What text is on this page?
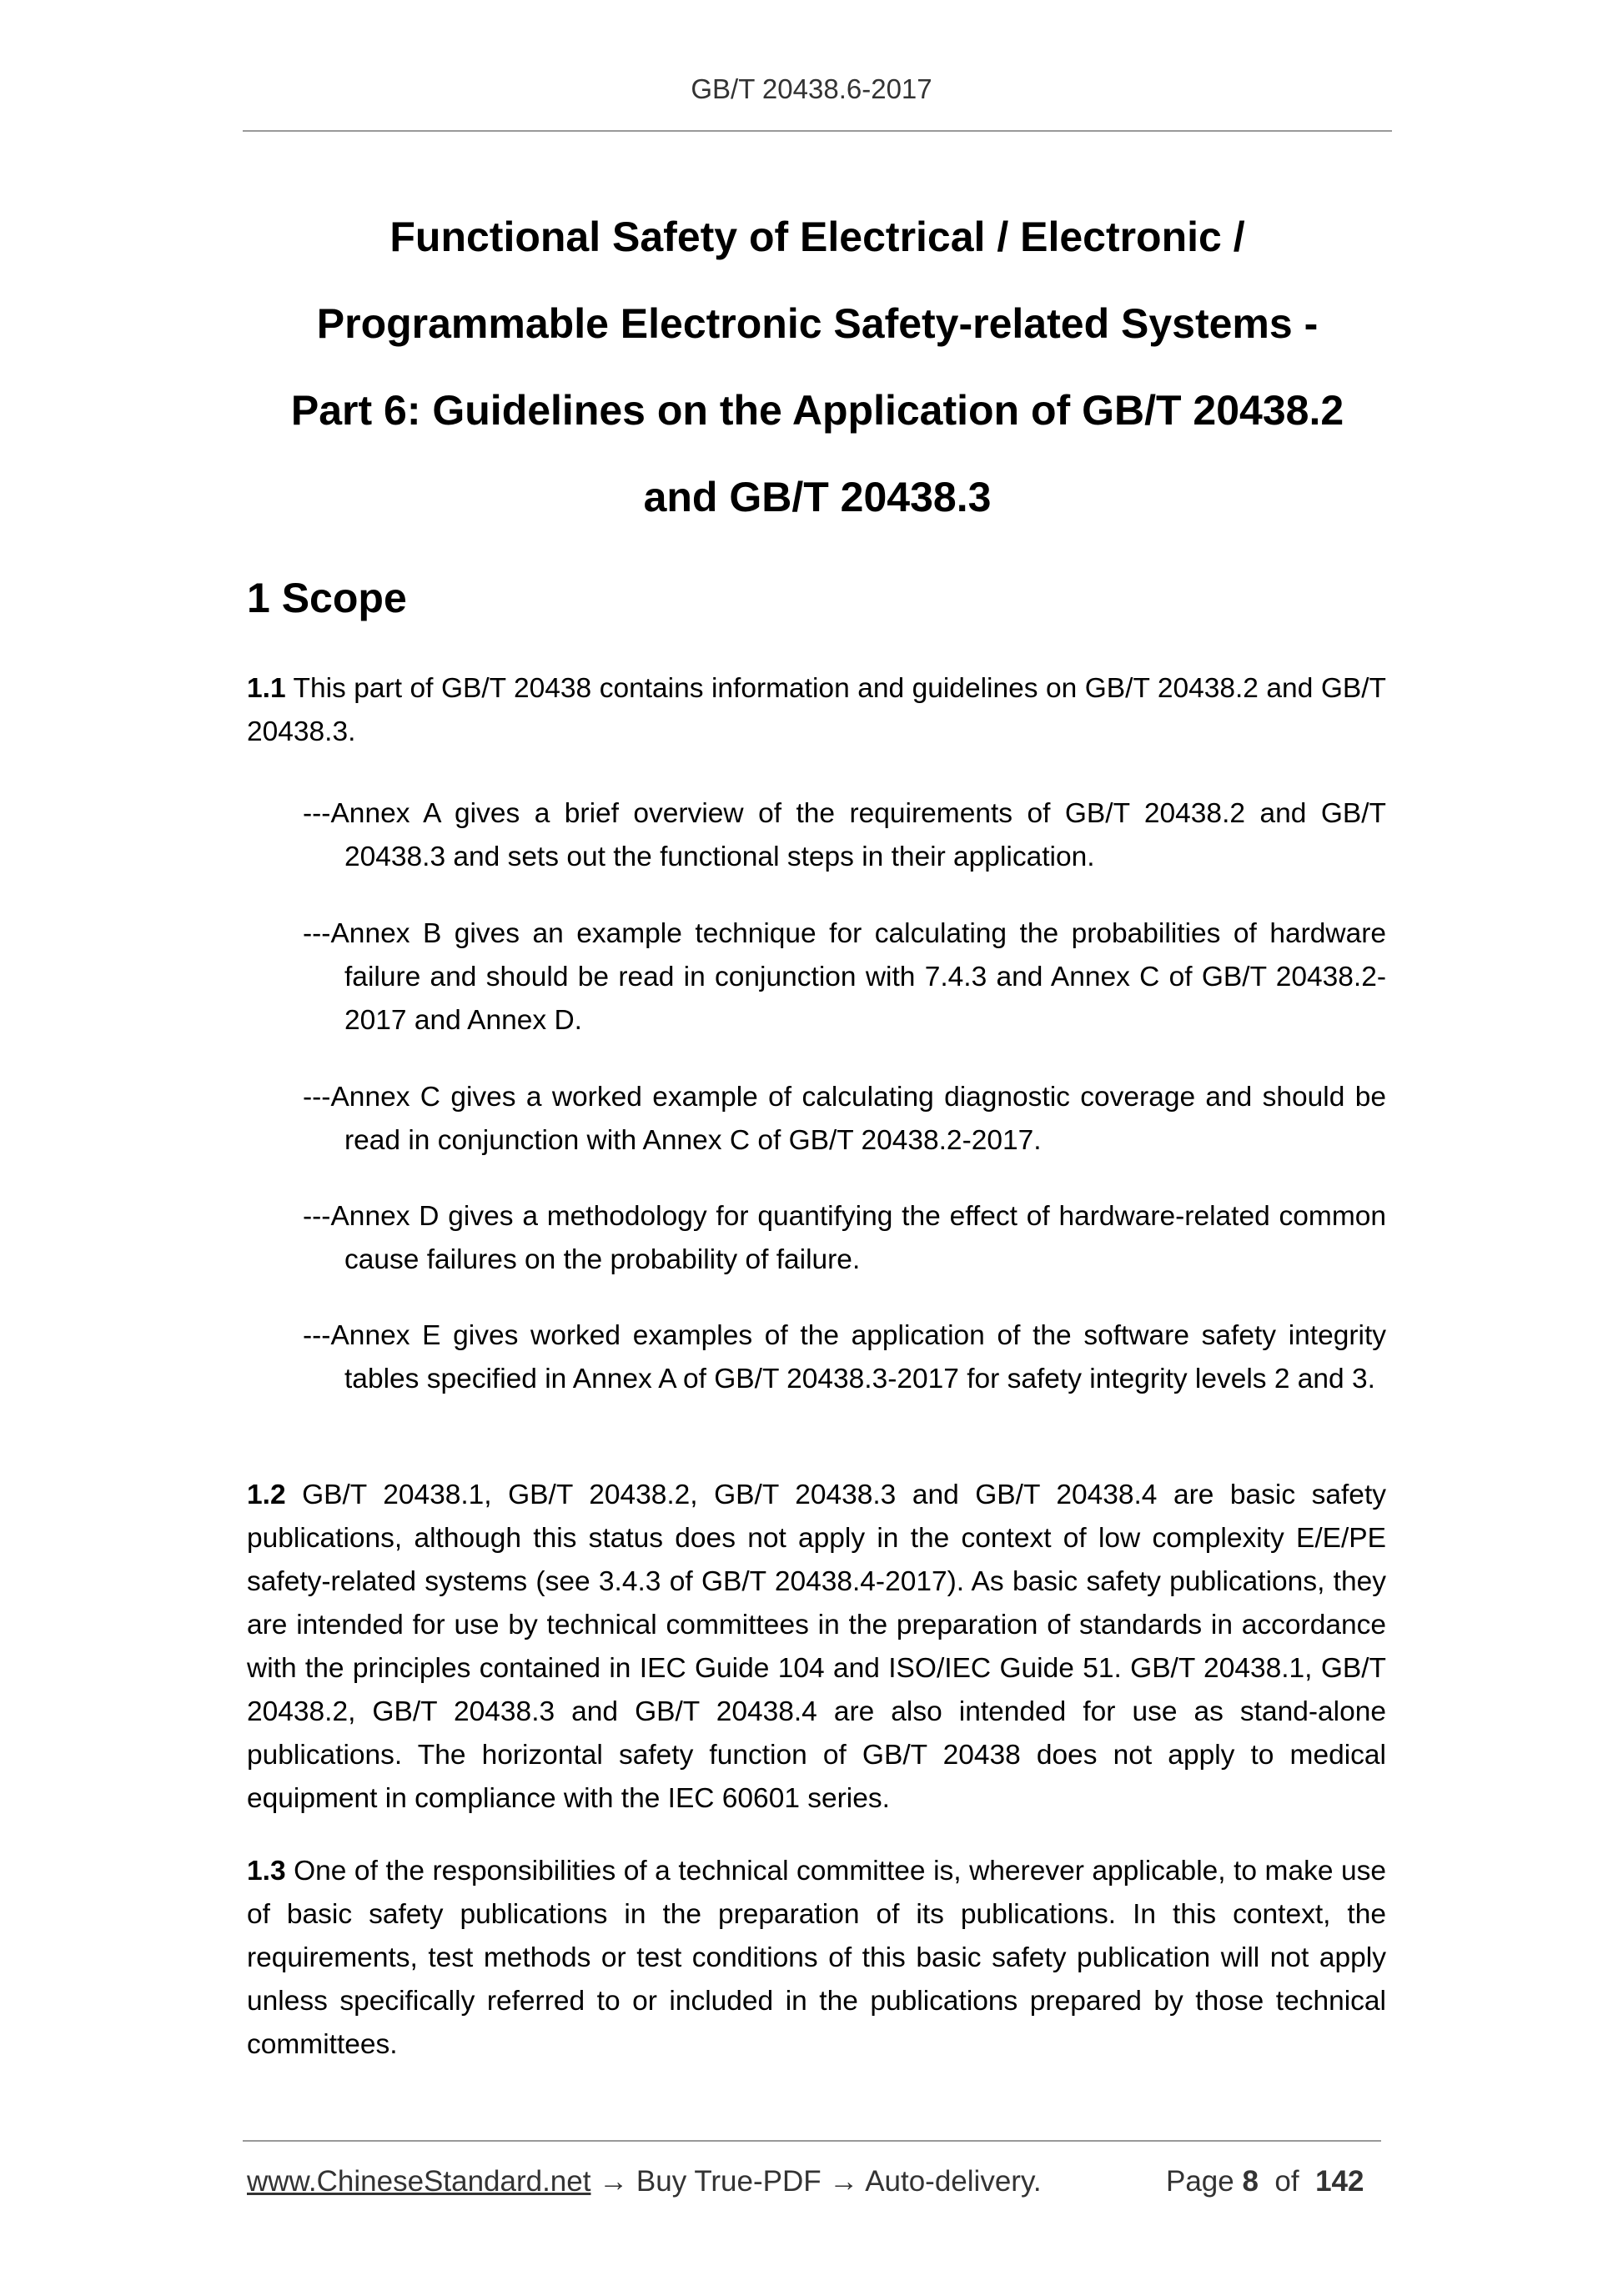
GB/T 20438.6-2017
Functional Safety of Electrical / Electronic /
Programmable Electronic Safety-related Systems -
Part 6: Guidelines on the Application of GB/T 20438.2
and GB/T 20438.3
1 Scope
1.1 This part of GB/T 20438 contains information and guidelines on GB/T 20438.2 and GB/T 20438.3.
---Annex A gives a brief overview of the requirements of GB/T 20438.2 and GB/T 20438.3 and sets out the functional steps in their application.
---Annex B gives an example technique for calculating the probabilities of hardware failure and should be read in conjunction with 7.4.3 and Annex C of GB/T 20438.2-2017 and Annex D.
---Annex C gives a worked example of calculating diagnostic coverage and should be read in conjunction with Annex C of GB/T 20438.2-2017.
---Annex D gives a methodology for quantifying the effect of hardware-related common cause failures on the probability of failure.
---Annex E gives worked examples of the application of the software safety integrity tables specified in Annex A of GB/T 20438.3-2017 for safety integrity levels 2 and 3.
1.2 GB/T 20438.1, GB/T 20438.2, GB/T 20438.3 and GB/T 20438.4 are basic safety publications, although this status does not apply in the context of low complexity E/E/PE safety-related systems (see 3.4.3 of GB/T 20438.4-2017). As basic safety publications, they are intended for use by technical committees in the preparation of standards in accordance with the principles contained in IEC Guide 104 and ISO/IEC Guide 51. GB/T 20438.1, GB/T 20438.2, GB/T 20438.3 and GB/T 20438.4 are also intended for use as stand-alone publications. The horizontal safety function of GB/T 20438 does not apply to medical equipment in compliance with the IEC 60601 series.
1.3 One of the responsibilities of a technical committee is, wherever applicable, to make use of basic safety publications in the preparation of its publications. In this context, the requirements, test methods or test conditions of this basic safety publication will not apply unless specifically referred to or included in the publications prepared by those technical committees.
www.ChineseStandard.net → Buy True-PDF → Auto-delivery.	Page 8 of 142
